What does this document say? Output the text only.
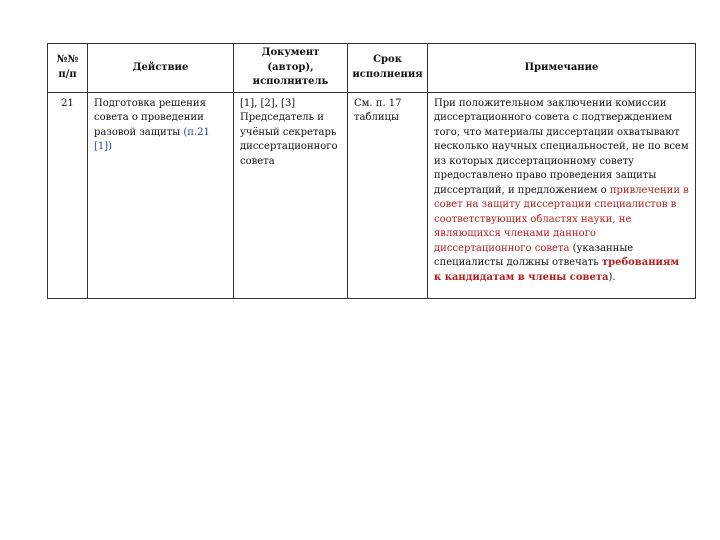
№№ п/п	Действие	Документ (автор), исполнитель	Срок исполнения	Примечание
21	Подготовка решения совета о проведении разовой защиты (п.21 [1])	[1], [2], [3] Председатель и учёный секретарь диссертационного совета	См. п. 17 таблицы	При положительном заключении комиссии диссертационного совета с подтверждением того, что материалы диссертации охватывают несколько научных специальностей, не по всем из которых диссертационному совету предоставлено право проведения защиты диссертаций, и предложением о привлечении в совет на защиту диссертации специалистов в соответствующих областях науки, не являющихся членами данного диссертационного совета (указанные специалисты должны отвечать требованиям к кандидатам в члены совета).
